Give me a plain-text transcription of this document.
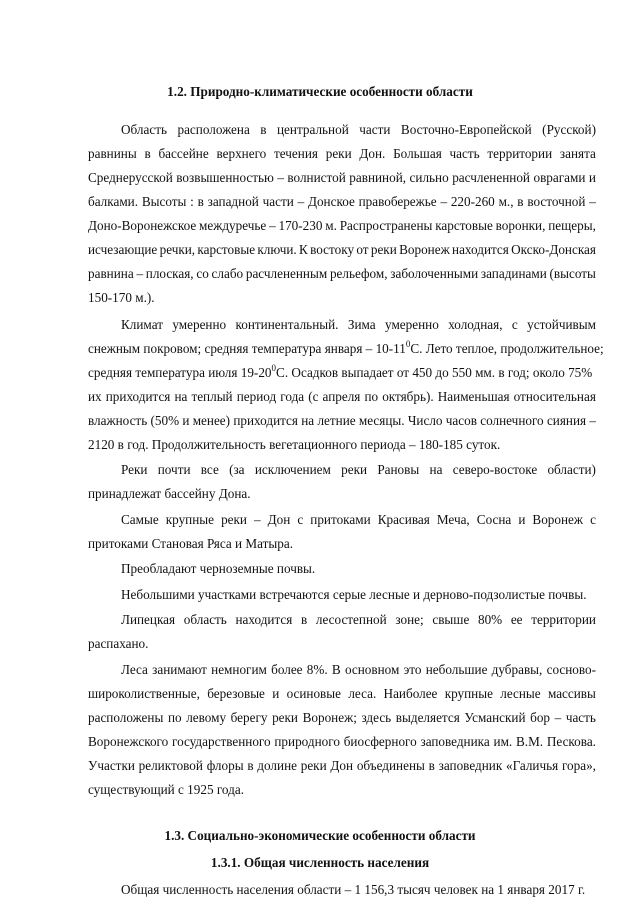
1.2. Природно-климатические особенности области
Область расположена в центральной части Восточно-Европейской (Русской)
равнины в бассейне верхнего течения реки Дон. Большая часть территории занята
Среднерусской возвышенностью – волнистой равниной, сильно расчлененной оврагами и
балками. Высоты : в западной части – Донское правобережье – 220-260 м., в восточной –
Доно-Воронежское междуречье – 170-230 м. Распространены карстовые воронки, пещеры,
исчезающие речки, карстовые ключи. К востоку от реки Воронеж находится Окско-Донская
равнина – плоская, со слабо расчлененным рельефом, заболоченными западинами (высоты
150-170 м.).
Климат умеренно континентальный. Зима умеренно холодная, с устойчивым
снежным покровом; средняя температура января – $10-11^0С$. Лето теплое, продолжительное;
средняя температура июля $19-20^0С$. Осадков выпадает от 450 до 550 мм. в год; около 75%
их приходится на теплый период года (с апреля по октябрь). Наименьшая относительная
влажность (50% и менее) приходится на летние месяцы. Число часов солнечного сияния –
2120 в год. Продолжительность вегетационного периода – 180-185 суток.
Реки почти все (за исключением реки Рановы на северо-востоке области)
принадлежат бассейну Дона.
Самые крупные реки – Дон с притоками Красивая Меча, Сосна и Воронеж с
притоками Становая Ряса и Матыра.
Преобладают черноземные почвы.
Небольшими участками встречаются серые лесные и дерново-подзолистые почвы.
Липецкая область находится в лесостепной зоне; свыше 80% ее территории
распахано.
Леса занимают немногим более 8%. В основном это небольшие дубравы, сосново-
широколиственные, березовые и осиновые леса. Наиболее крупные лесные массивы
расположены по левому берегу реки Воронеж; здесь выделяется Усманский бор – часть
Воронежского государственного природного биосферного заповедника им. В.М. Пескова.
Участки реликтовой флоры в долине реки Дон объединены в заповедник «Галичья гора»,
существующий с 1925 года.
1.3. Социально-экономические особенности области
1.3.1. Общая численность населения
Общая численность населения области – 1 156,3 тысяч человек на 1 января 2017 г.
